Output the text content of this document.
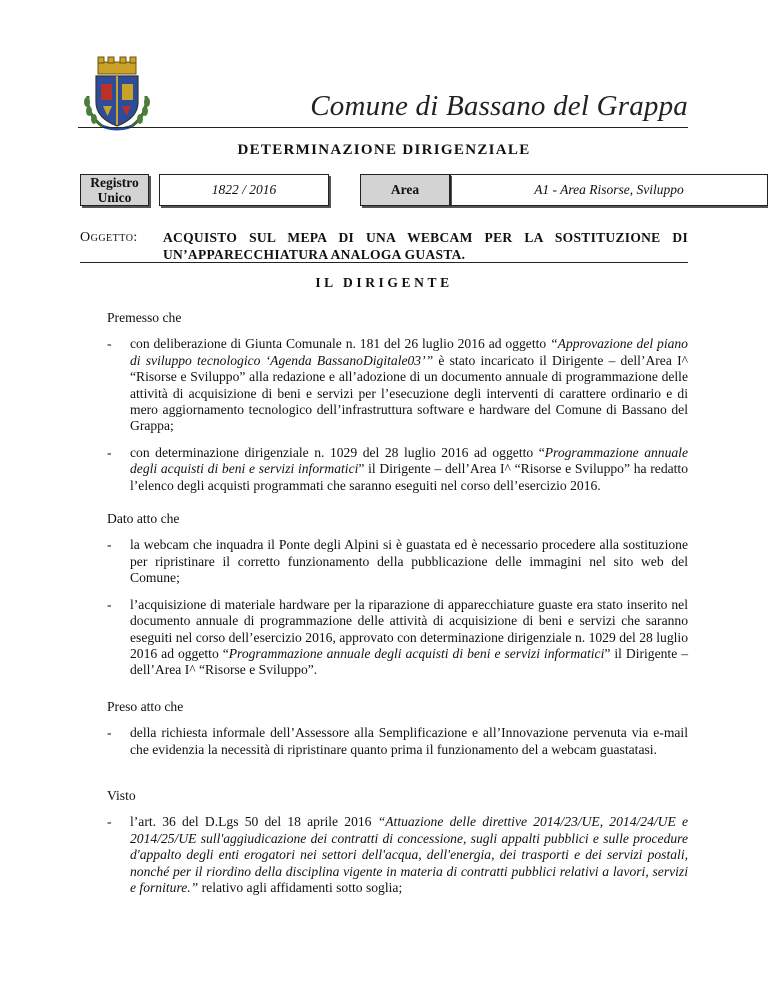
Comune di Bassano del Grappa
DETERMINAZIONE DIRIGENZIALE
Registro
Unico
1822 / 2016	Area	A1 - Area Risorse, Sviluppo
Oggetto: ACQUISTO SUL MEPA DI UNA WEBCAM PER LA SOSTITUZIONE DI UN’APPARECCHIATURA ANALOGA GUASTA.
IL DIRIGENTE

Premesso che

- con deliberazione di Giunta Comunale n. 181 del 26 luglio 2016 ad oggetto “Approvazione del piano di sviluppo tecnologico ‘Agenda BassanoDigitale03’” è stato incaricato il Dirigente – dell’Area I^ “Risorse e Sviluppo” alla redazione e all’adozione di un documento annuale di programmazione delle attività di acquisizione di beni e servizi per l’esecuzione degli interventi di carattere ordinario e di mero aggiornamento tecnologico dell’infrastruttura software e hardware del Comune di Bassano del Grappa;

- con determinazione dirigenziale n. 1029 del 28 luglio 2016 ad oggetto “Programmazione annuale degli acquisti di beni e servizi informatici” il Dirigente – dell’Area I^ “Risorse e Sviluppo” ha redatto l’elenco degli acquisti programmati che saranno eseguiti nel corso dell’esercizio 2016.

Dato atto che

- la webcam che inquadra il Ponte degli Alpini si è guastata ed è necessario procedere alla sostituzione per ripristinare il corretto funzionamento della pubblicazione delle immagini nel sito web del Comune;

- l’acquisizione di materiale hardware per la riparazione di apparecchiature guaste era stato inserito nel documento annuale di programmazione delle attività di acquisizione di beni e servizi che saranno eseguiti nel corso dell’esercizio 2016, approvato con determinazione dirigenziale n. 1029 del 28 luglio 2016 ad oggetto “Programmazione annuale degli acquisti di beni e servizi informatici” il Dirigente – dell’Area I^ “Risorse e Sviluppo”.

Preso atto che

- della richiesta informale dell’Assessore alla Semplificazione e all’Innovazione pervenuta via e-mail che evidenzia la necessità di ripristinare quanto prima il funzionamento del a webcam guastatasi.

Visto

- l’art. 36 del D.Lgs 50 del 18 aprile 2016 “Attuazione delle direttive 2014/23/UE, 2014/24/UE e 2014/25/UE sull'aggiudicazione dei contratti di concessione, sugli appalti pubblici e sulle procedure d'appalto degli enti erogatori nei settori dell'acqua, dell'energia, dei trasporti e dei servizi postali, nonché per il riordino della disciplina vigente in materia di contratti pubblici relativi a lavori, servizi e forniture.” relativo agli affidamenti sotto soglia;
